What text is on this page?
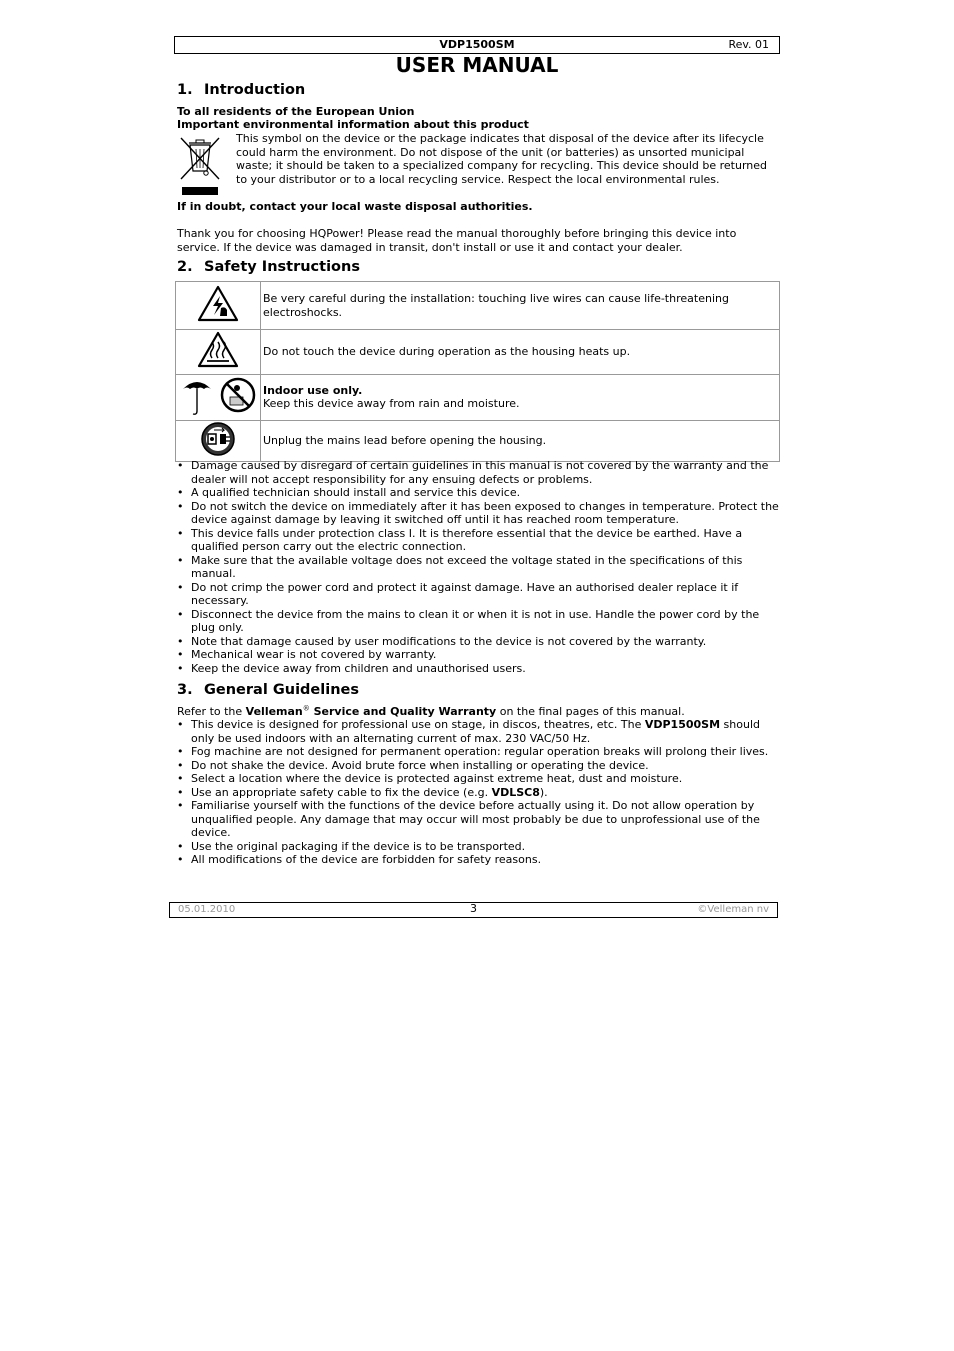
VDP1500SM	Rev. 01
USER MANUAL
1. Introduction
To all residents of the European Union
Important environmental information about this product
This symbol on the device or the package indicates that disposal of the device after its lifecycle could harm the environment. Do not dispose of the unit (or batteries) as unsorted municipal waste; it should be taken to a specialized company for recycling. This device should be returned to your distributor or to a local recycling service. Respect the local environmental rules.
If in doubt, contact your local waste disposal authorities.
Thank you for choosing HQPower! Please read the manual thoroughly before bringing this device into service. If the device was damaged in transit, don't install or use it and contact your dealer.
2. Safety Instructions
	Be very careful during the installation: touching live wires can cause life-threatening electroshocks.
	Do not touch the device during operation as the housing heats up.
	Indoor use only.
Keep this device away from rain and moisture.
	Unplug the mains lead before opening the housing.
• Damage caused by disregard of certain guidelines in this manual is not covered by the warranty and the dealer will not accept responsibility for any ensuing defects or problems.
• A qualified technician should install and service this device.
• Do not switch the device on immediately after it has been exposed to changes in temperature. Protect the device against damage by leaving it switched off until it has reached room temperature.
• This device falls under protection class I. It is therefore essential that the device be earthed. Have a qualified person carry out the electric connection.
• Make sure that the available voltage does not exceed the voltage stated in the specifications of this manual.
• Do not crimp the power cord and protect it against damage. Have an authorised dealer replace it if necessary.
• Disconnect the device from the mains to clean it or when it is not in use. Handle the power cord by the plug only.
• Note that damage caused by user modifications to the device is not covered by the warranty.
• Mechanical wear is not covered by warranty.
• Keep the device away from children and unauthorised users.
3. General Guidelines
Refer to the Velleman® Service and Quality Warranty on the final pages of this manual.
• This device is designed for professional use on stage, in discos, theatres, etc. The VDP1500SM should only be used indoors with an alternating current of max. 230 VAC/50 Hz.
• Fog machine are not designed for permanent operation: regular operation breaks will prolong their lives.
• Do not shake the device. Avoid brute force when installing or operating the device.
• Select a location where the device is protected against extreme heat, dust and moisture.
• Use an appropriate safety cable to fix the device (e.g. VDLSC8).
• Familiarise yourself with the functions of the device before actually using it. Do not allow operation by unqualified people. Any damage that may occur will most probably be due to unprofessional use of the device.
• Use the original packaging if the device is to be transported.
• All modifications of the device are forbidden for safety reasons.
05.01.2010	3	©Velleman nv
